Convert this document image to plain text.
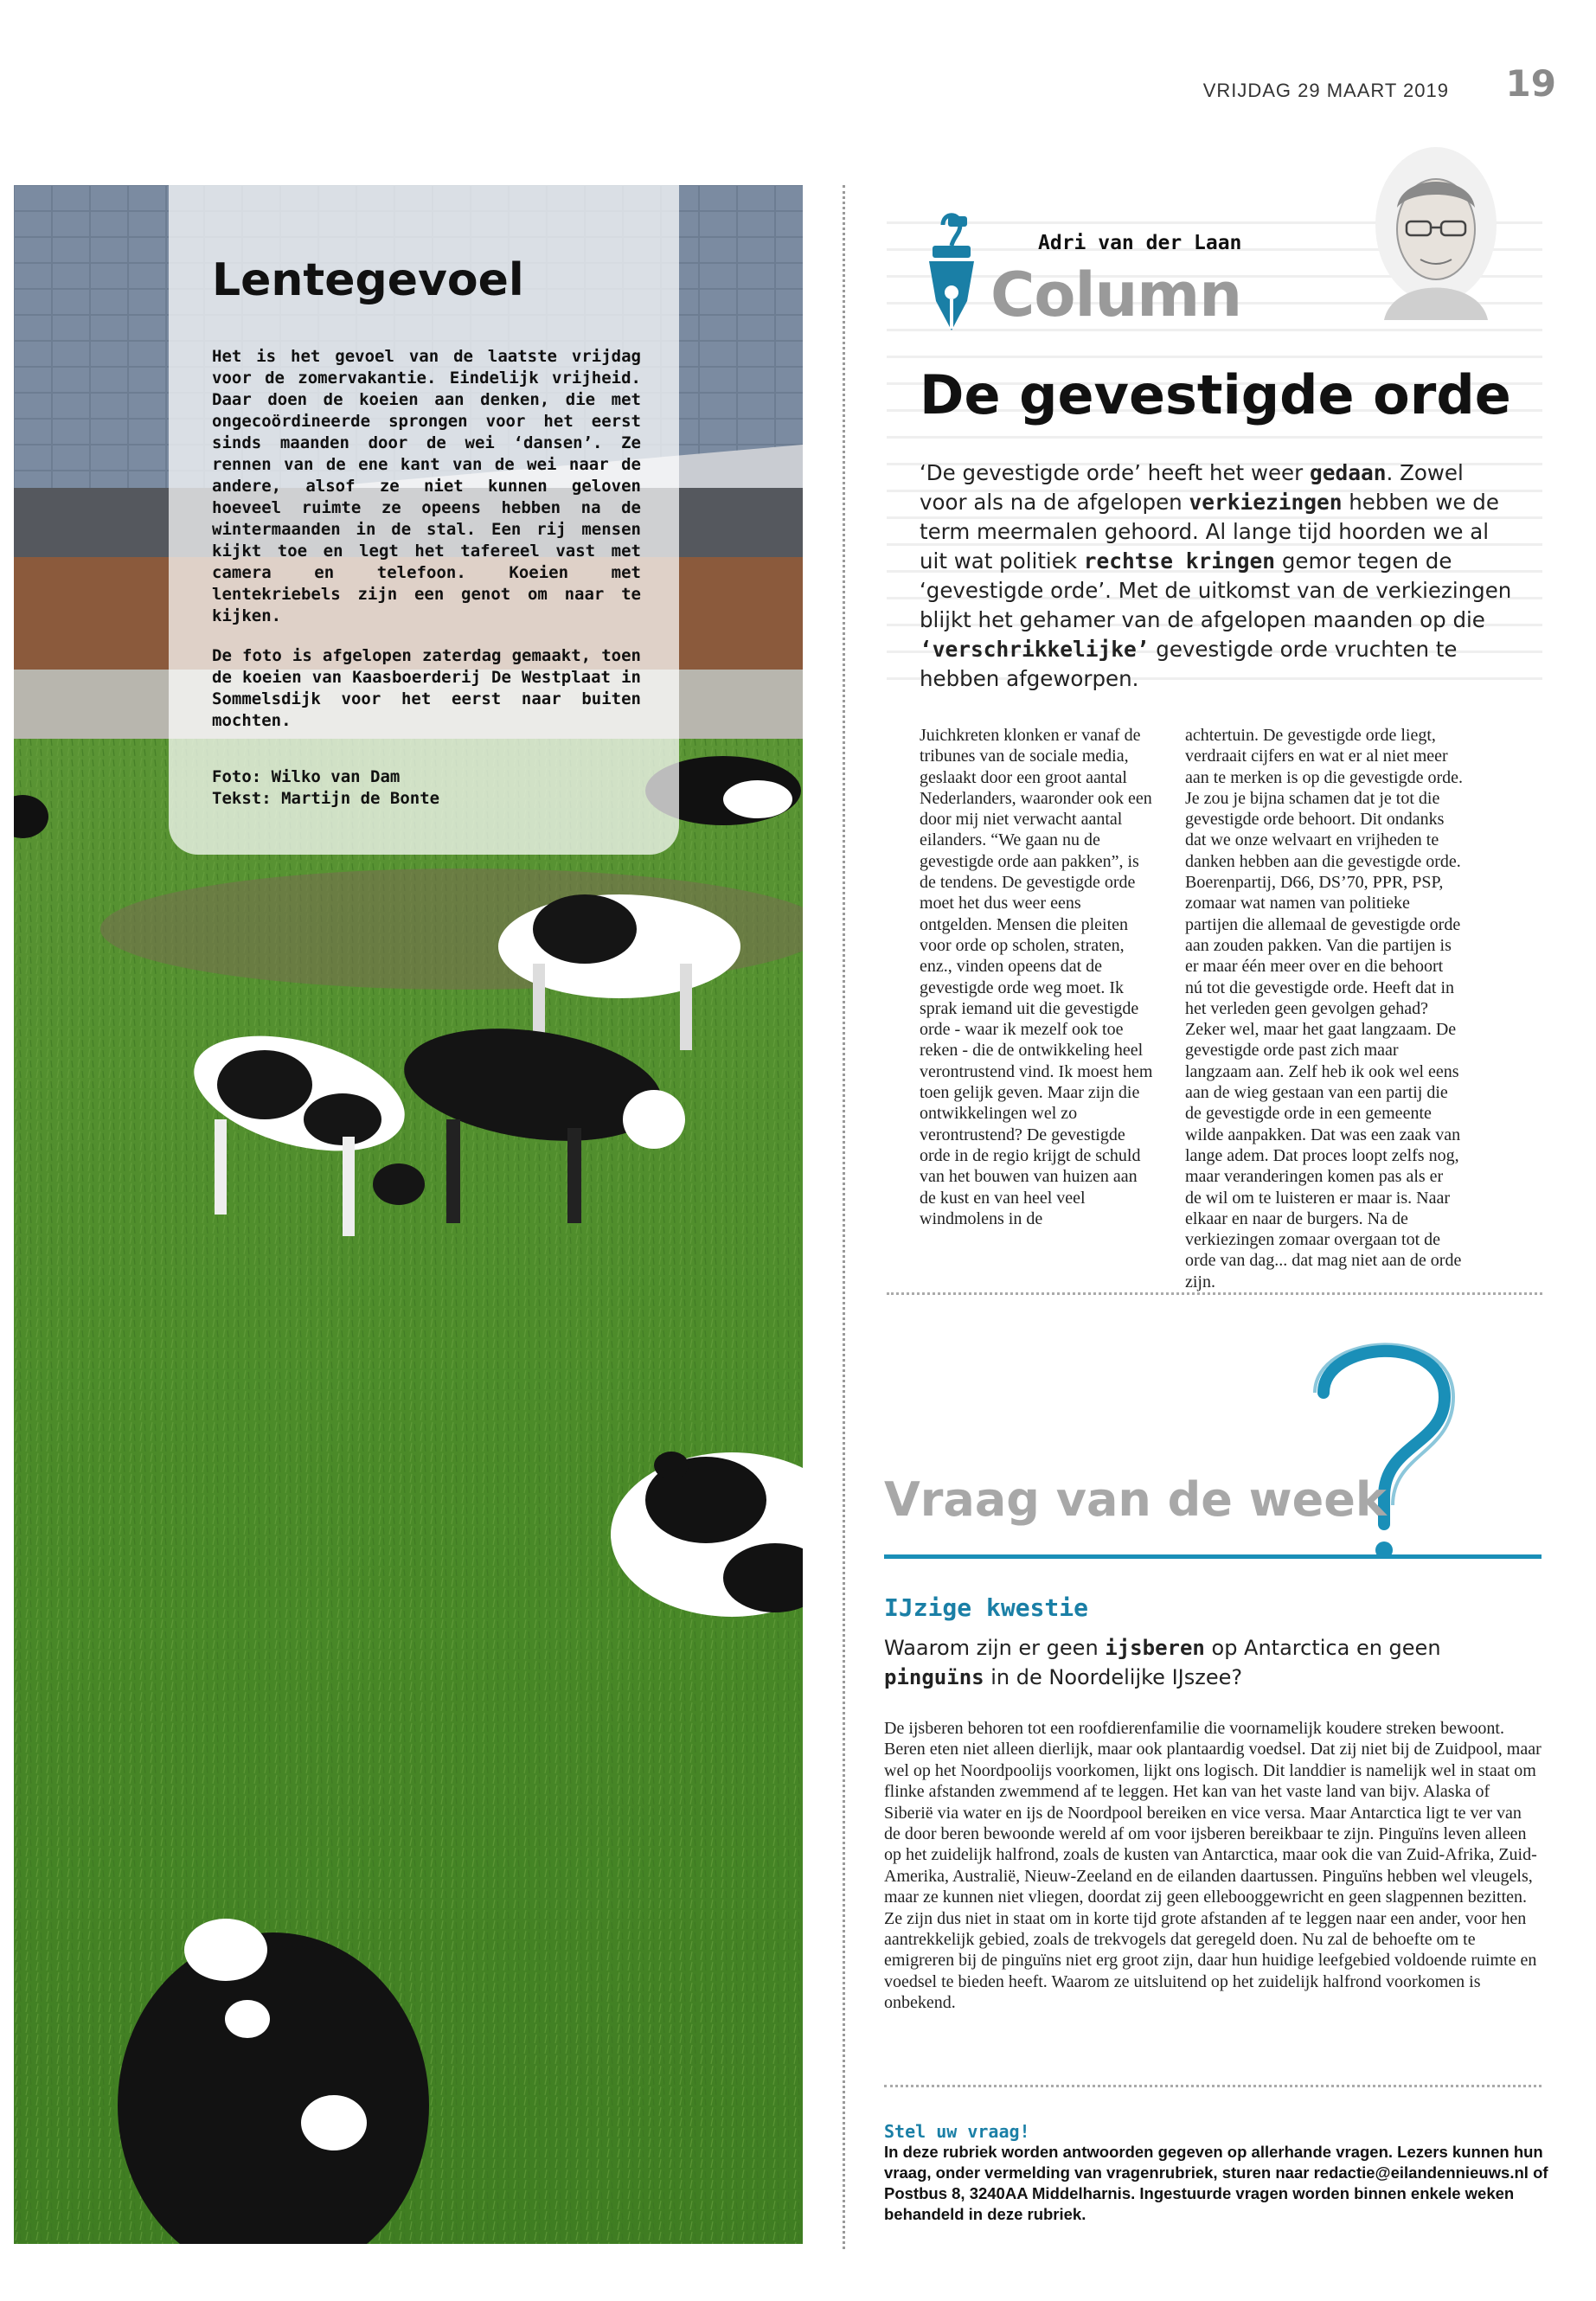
VRIJDAG 29 MAART 2019 19
Lentegevoel

Het is het gevoel van de laatste vrijdag voor de zomervakantie. Eindelijk vrijheid. Daar doen de koeien aan denken, die met ongecoördineerde sprongen voor het eerst sinds maanden door de wei ‘dansen’. Ze rennen van de ene kant van de wei naar de andere, alsof ze niet kunnen geloven hoeveel ruimte ze opeens hebben na de wintermaanden in de stal. Een rij mensen kijkt toe en legt het tafereel vast met camera en telefoon. Koeien met lentekriebels zijn een genot om naar te kijken.

De foto is afgelopen zaterdag gemaakt, toen de koeien van Kaasboerderij De Westplaat in Sommelsdijk voor het eerst naar buiten mochten.

Foto: Wilko van Dam
Tekst: Martijn de Bonte
Adri van der Laan
Column
De gevestigde orde

‘De gevestigde orde’ heeft het weer gedaan. Zowel voor als na de afgelopen verkiezingen hebben we de term meermalen gehoord. Al lange tijd hoorden we al uit wat politiek rechtse kringen gemor tegen de ‘gevestigde orde’. Met de uitkomst van de verkiezingen blijkt het gehamer van de afgelopen maanden op die ‘verschrikkelijke’ gevestigde orde vruchten te hebben afgeworpen.

Juichkreten klonken er vanaf de tribunes van de sociale media, geslaakt door een groot aantal Nederlanders, waaronder ook een door mij niet verwacht aantal eilanders. “We gaan nu de gevestigde orde aan pakken”, is de tendens. De gevestigde orde moet het dus weer eens ontgelden. Mensen die pleiten voor orde op scholen, straten, enz., vinden opeens dat de gevestigde orde weg moet. Ik sprak iemand uit die gevestigde orde - waar ik mezelf ook toe reken - die de ontwikkeling heel verontrustend vind. Ik moest hem toen gelijk geven. Maar zijn die ontwikkelingen wel zo verontrustend? De gevestigde orde in de regio krijgt de schuld van het bouwen van huizen aan de kust en van heel veel windmolens in de

achtertuin. De gevestigde orde liegt, verdraait cijfers en wat er al niet meer aan te merken is op die gevestigde orde. Je zou je bijna schamen dat je tot die gevestigde orde behoort. Dit ondanks dat we onze welvaart en vrijheden te danken hebben aan die gevestigde orde. Boerenpartij, D66, DS’70, PPR, PSP, zomaar wat namen van politieke partijen die allemaal de gevestigde orde aan zouden pakken. Van die partijen is er maar één meer over en die behoort nú tot die gevestigde orde. Heeft dat in het verleden geen gevolgen gehad? Zeker wel, maar het gaat langzaam. De gevestigde orde past zich maar langzaam aan. Zelf heb ik ook wel eens aan de wieg gestaan van een partij die de gevestigde orde in een gemeente wilde aanpakken. Dat was een zaak van lange adem. Dat proces loopt zelfs nog, maar veranderingen komen pas als er de wil om te luisteren er maar is. Naar elkaar en naar de burgers. Na de verkiezingen zomaar overgaan tot de orde van dag... dat mag niet aan de orde zijn.

Vraag van de week
IJzige kwestie

Waarom zijn er geen ijsberen op Antarctica en geen pinguïns in de Noordelijke IJszee?

De ijsberen behoren tot een roofdierenfamilie die voornamelijk koudere streken bewoont. Beren eten niet alleen dierlijk, maar ook plantaardig voedsel. Dat zij niet bij de Zuidpool, maar wel op het Noordpoolijs voorkomen, lijkt ons logisch. Dit landdier is namelijk wel in staat om flinke afstanden zwemmend af te leggen. Het kan van het vaste land van bijv. Alaska of Siberië via water en ijs de Noordpool bereiken en vice versa. Maar Antarctica ligt te ver van de door beren bewoonde wereld af om voor ijsberen bereikbaar te zijn. Pinguïns leven alleen op het zuidelijk halfrond, zoals de kusten van Antarctica, maar ook die van Zuid-Afrika, Zuid-Amerika, Australië, Nieuw-Zeeland en de eilanden daartussen. Pinguïns hebben wel vleugels, maar ze kunnen niet vliegen, doordat zij geen ellebooggewricht en geen slagpennen bezitten. Ze zijn dus niet in staat om in korte tijd grote afstanden af te leggen naar een ander, voor hen aantrekkelijk gebied, zoals de trekvogels dat geregeld doen. Nu zal de behoefte om te emigreren bij de pinguïns niet erg groot zijn, daar hun huidige leefgebied voldoende ruimte en voedsel te bieden heeft. Waarom ze uitsluitend op het zuidelijk halfrond voorkomen is onbekend.

Stel uw vraag!

In deze rubriek worden antwoorden gegeven op allerhande vragen. Lezers kunnen hun vraag, onder vermelding van vragenrubriek, sturen naar redactie@eilandennieuws.nl of Postbus 8, 3240AA Middelharnis. Ingestuurde vragen worden binnen enkele weken behandeld in deze rubriek.
